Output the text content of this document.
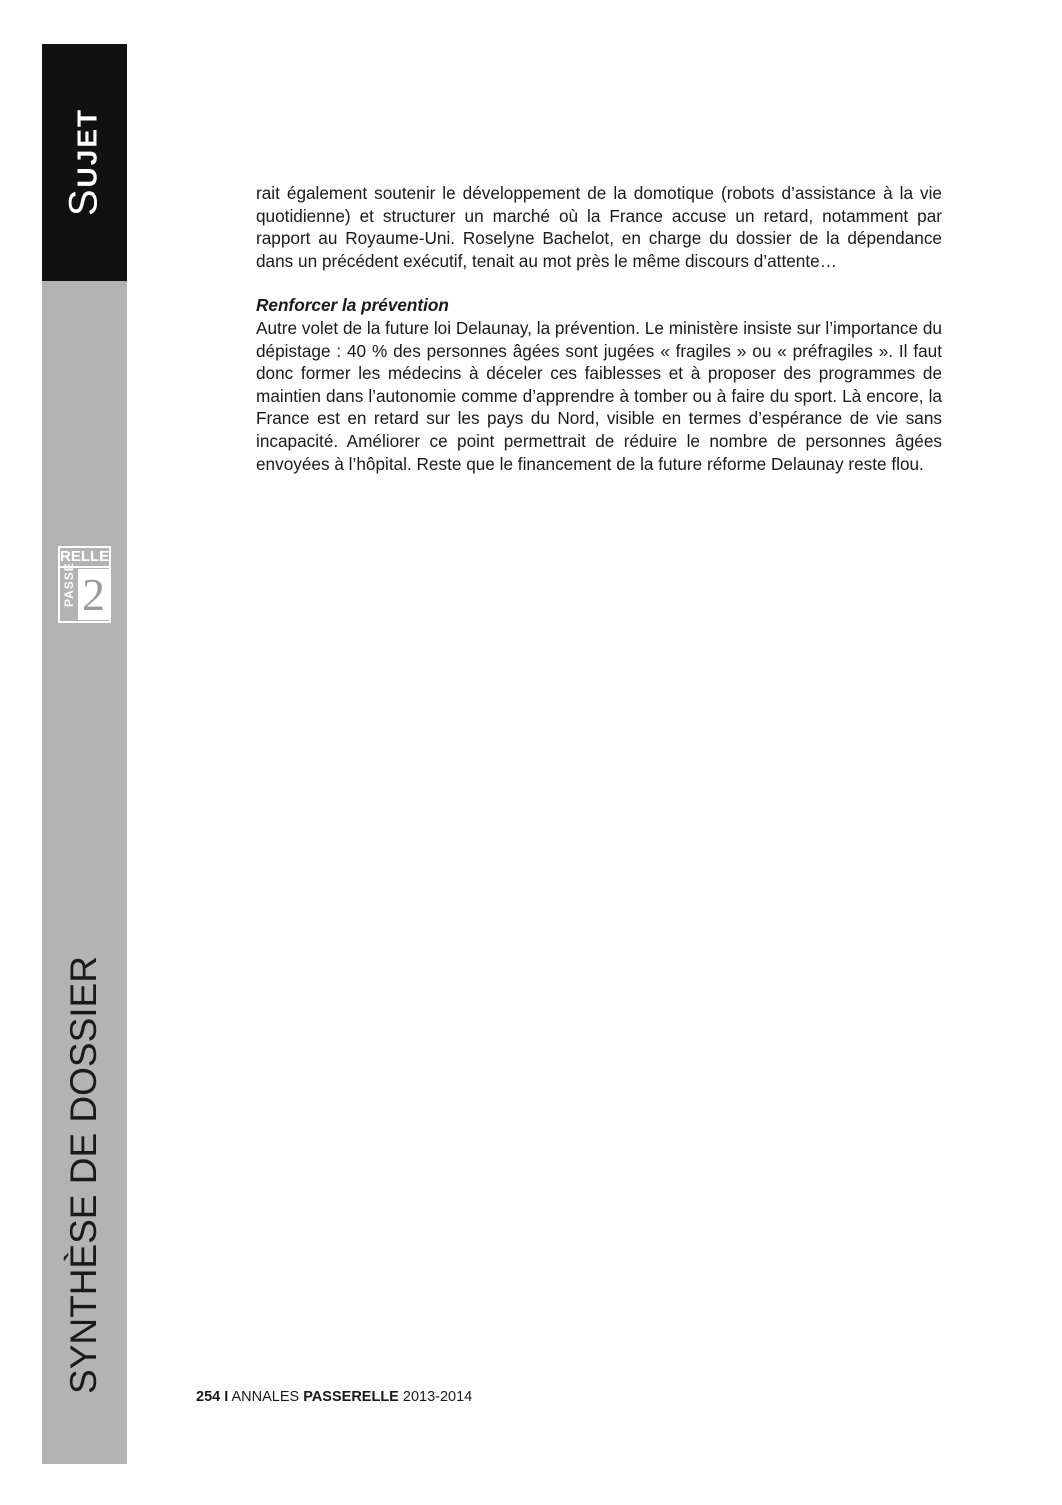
SUJET
RELLE
PASSE 2
SYNTHÈSE DE DOSSIER

rait également soutenir le développement de la domotique (robots d’assistance à la vie quotidienne) et structurer un marché où la France accuse un retard, notamment par rapport au Royaume-Uni. Roselyne Bachelot, en charge du dossier de la dépendance dans un précédent exécutif, tenait au mot près le même discours d’attente…

Renforcer la prévention

Autre volet de la future loi Delaunay, la prévention. Le ministère insiste sur l’importance du dépistage : 40 % des personnes âgées sont jugées « fragiles » ou « préfragiles ». Il faut donc former les médecins à déceler ces faiblesses et à proposer des programmes de maintien dans l’autonomie comme d’apprendre à tomber ou à faire du sport. Là encore, la France est en retard sur les pays du Nord, visible en termes d’espérance de vie sans incapacité. Améliorer ce point permettrait de réduire le nombre de personnes âgées envoyées à l’hôpital. Reste que le financement de la future réforme Delaunay reste flou.

254 I ANNALES PASSERELLE 2013-2014
